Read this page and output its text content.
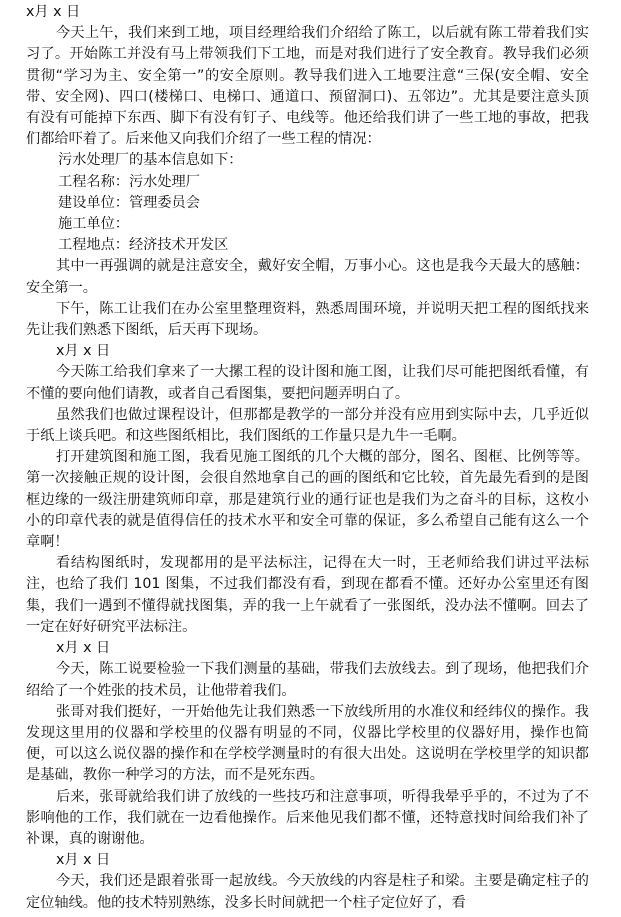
x月 x 日

今天上午，我们来到工地，项目经理给我们介绍给了陈工，以后就有陈工带着我们实习了。开始陈工并没有马上带领我们下工地，而是对我们进行了安全教育。教导我们必须贯彻“学习为主、安全第一”的安全原则。教导我们进入工地要注意“三保(安全帽、安全带、安全网)、四口(楼梯口、电梯口、通道口、预留洞口)、五邻边”。尤其是要注意头顶有没有可能掉下东西、脚下有没有钉子、电线等。他还给我们讲了一些工地的事故，把我们都给吓着了。后来他又向我们介绍了一些工程的情况：

污水处理厂的基本信息如下：

工程名称：污水处理厂

建设单位：管理委员会

施工单位：

工程地点：经济技术开发区

其中一再强调的就是注意安全，戴好安全帽，万事小心。这也是我今天最大的感触：安全第一。

下午，陈工让我们在办公室里整理资料，熟悉周围环境，并说明天把工程的图纸找来先让我们熟悉下图纸，后天再下现场。

x月 x 日

今天陈工给我们拿来了一大摞工程的设计图和施工图，让我们尽可能把图纸看懂，有不懂的要向他们请教，或者自己看图集，要把问题弄明白了。

虽然我们也做过课程设计，但那都是教学的一部分并没有应用到实际中去，几乎近似于纸上谈兵吧。和这些图纸相比，我们图纸的工作量只是九牛一毛啊。

打开建筑图和施工图，我看见施工图纸的几个大概的部分，图名、图框、比例等等。第一次接触正规的设计图，会很自然地拿自己的画的图纸和它比较，首先最先看到的是图框边缘的一级注册建筑师印章，那是建筑行业的通行证也是我们为之奋斗的目标，这枚小小的印章代表的就是值得信任的技术水平和安全可靠的保证，多么希望自己能有这么一个章啊！

看结构图纸时，发现都用的是平法标注，记得在大一时，王老师给我们讲过平法标注，也给了我们 101 图集，不过我们都没有看，到现在都看不懂。还好办公室里还有图集，我们一遇到不懂得就找图集，弄的我一上午就看了一张图纸，没办法不懂啊。回去了一定在好好研究平法标注。

x月 x 日

今天，陈工说要检验一下我们测量的基础，带我们去放线去。到了现场，他把我们介绍给了一个姓张的技术员，让他带着我们。

张哥对我们挺好，一开始他先让我们熟悉一下放线所用的水准仪和经纬仪的操作。我发现这里用的仪器和学校里的仪器有明显的不同，仪器比学校里的仪器好用，操作也简便，可以这么说仪器的操作和在学校学测量时的有很大出处。这说明在学校里学的知识都是基础，教你一种学习的方法，而不是死东西。

后来，张哥就给我们讲了放线的一些技巧和注意事项，听得我晕乎乎的，不过为了不影响他的工作，我们就在一边看他操作。后来他见我们都不懂，还特意找时间给我们补了补课，真的谢谢他。

x月 x 日

今天，我们还是跟着张哥一起放线。今天放线的内容是柱子和梁。主要是确定柱子的定位轴线。他的技术特别熟练，没多长时间就把一个柱子定位好了，看
